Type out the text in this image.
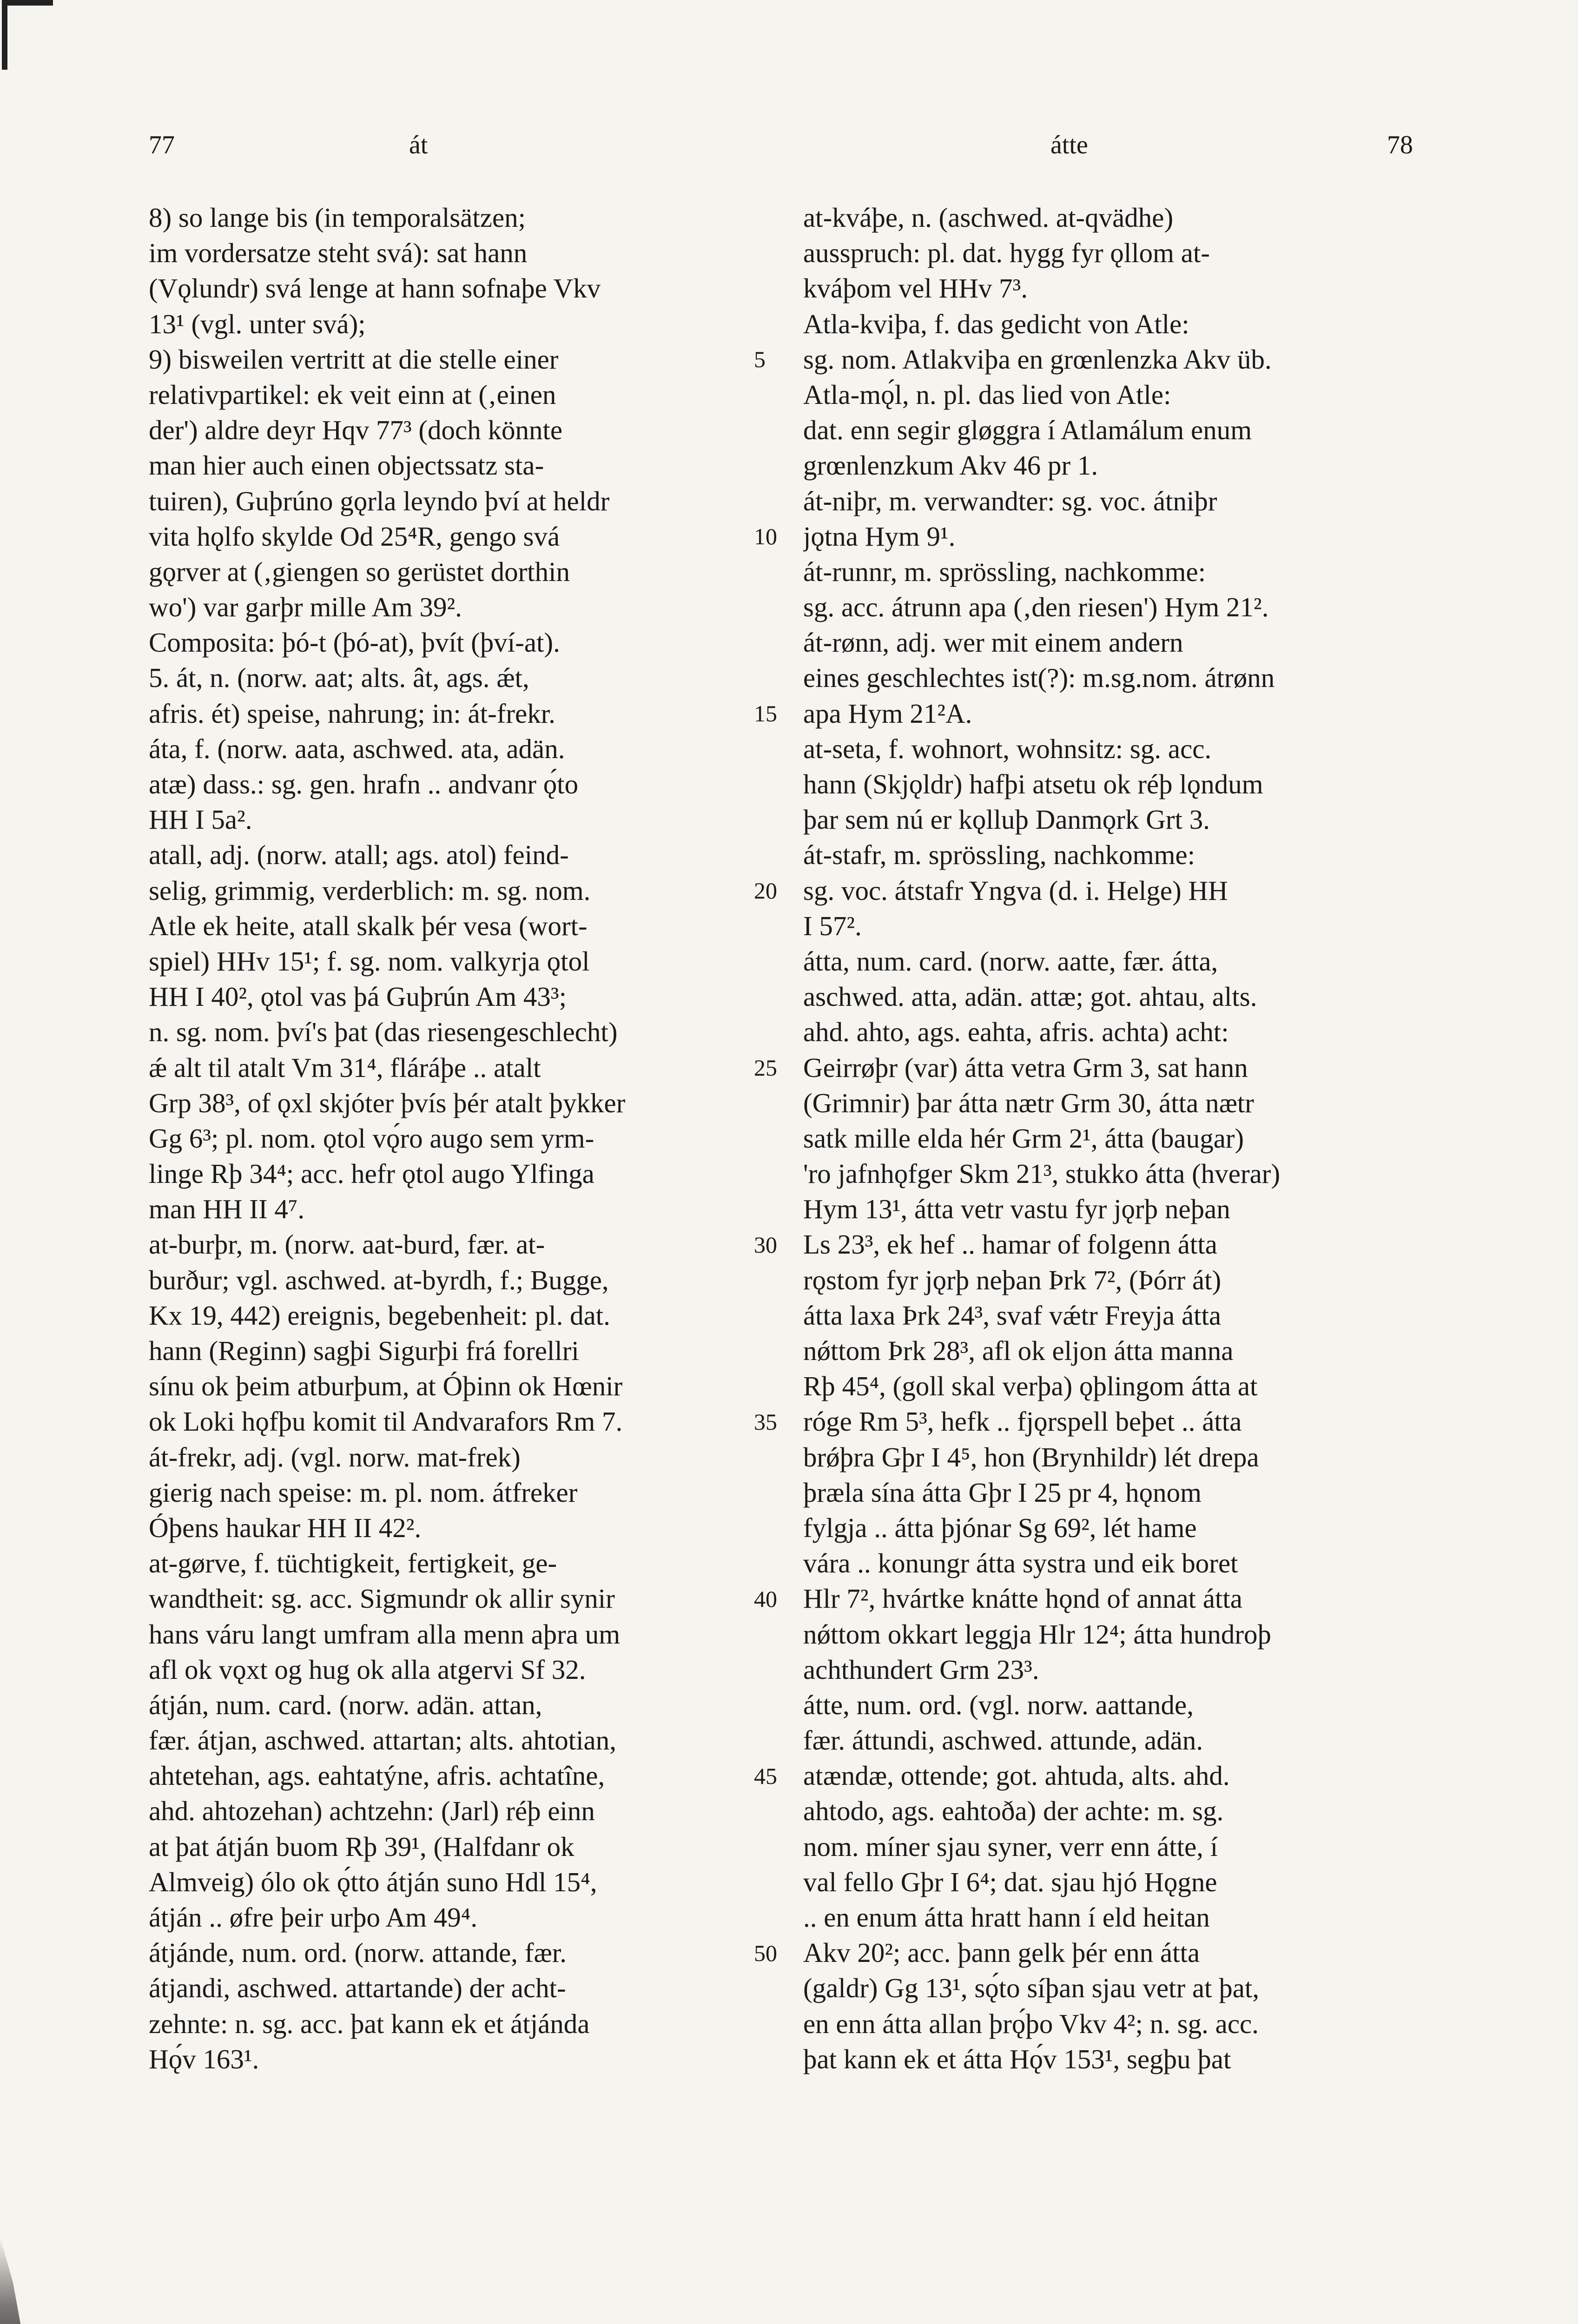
77	át	átte	78
8) so lange bis (in temporalsätzen;
im vordersatze steht svá): sat hann
(Vǫlundr) svá lenge at hann sofnaþe Vkv
13¹ (vgl. unter svá);
9) bisweilen vertritt at die stelle einer
relativpartikel: ek veit einn at (‚einen
der') aldre deyr Hqv 77³ (doch könnte
man hier auch einen objectssatz sta-
tuiren), Guþrúno gǫrla leyndo því at heldr
vita hǫlfo skylde Od 25⁴R, gengo svá
gǫrver at (‚giengen so gerüstet dorthin
wo') var garþr mille Am 39².
Composita: þó-t (þó-at), þvít (því-at).
5. át, n. (norw. aat; alts. ât, ags. ǽt,
afris. ét) speise, nahrung; in: át-frekr.
áta, f. (norw. aata, aschwed. ata, adän.
atæ) dass.: sg. gen. hrafn .. andvanr ǫ́to
HH I 5a².
atall, adj. (norw. atall; ags. atol) feind-
selig, grimmig, verderblich: m. sg. nom.
Atle ek heite, atall skalk þér vesa (wort-
spiel) HHv 15¹; f. sg. nom. valkyrja ǫtol
HH I 40², ǫtol vas þá Guþrún Am 43³;
n. sg. nom. því's þat (das riesengeschlecht)
ǽ alt til atalt Vm 31⁴, fláráþe .. atalt
Grp 38³, of ǫxl skjóter þvís þér atalt þykker
Gg 6³; pl. nom. ǫtol vǫ́ro augo sem yrm-
linge Rþ 34⁴; acc. hefr ǫtol augo Ylfinga
man HH II 4⁷.
at-burþr, m. (norw. aat-burd, fær. at-
burður; vgl. aschwed. at-byrdh, f.; Bugge,
Kx 19, 442) ereignis, begebenheit: pl. dat.
hann (Reginn) sagþi Sigurþi frá forellri
sínu ok þeim atburþum, at Óþinn ok Hœnir
ok Loki hǫfþu komit til Andvarafors Rm 7.
át-frekr, adj. (vgl. norw. mat-frek)
gierig nach speise: m. pl. nom. átfreker
Óþens haukar HH II 42².
at-gørve, f. tüchtigkeit, fertigkeit, ge-
wandtheit: sg. acc. Sigmundr ok allir synir
hans váru langt umfram alla menn aþra um
afl ok vǫxt og hug ok alla atgervi Sf 32.
átján, num. card. (norw. adän. attan,
fær. átjan, aschwed. attartan; alts. ahtotian,
ahtetehan, ags. eahtatýne, afris. achtatîne,
ahd. ahtozehan) achtzehn: (Jarl) réþ einn
at þat átján buom Rþ 39¹, (Halfdanr ok
Almveig) ólo ok ǫ́tto átján suno Hdl 15⁴,
átján .. øfre þeir urþo Am 49⁴.
átjánde, num. ord. (norw. attande, fær.
átjandi, aschwed. attartande) der acht-
zehnte: n. sg. acc. þat kann ek et átjánda
Hǫ́v 163¹.
5
10
15
20
25
30
35
40
45
50
at-kváþe, n. (aschwed. at-qvädhe)
ausspruch: pl. dat. hygg fyr ǫllom at-
kváþom vel HHv 7³.
Atla-kviþa, f. das gedicht von Atle:
sg. nom. Atlakviþa en grœnlenzka Akv üb.
Atla-mǫ́l, n. pl. das lied von Atle:
dat. enn segir gløggra í Atlamálum enum
grœnlenzkum Akv 46 pr 1.
át-niþr, m. verwandter: sg. voc. átniþr
jǫtna Hym 9¹.
át-runnr, m. sprössling, nachkomme:
sg. acc. átrunn apa (‚den riesen') Hym 21².
át-rønn, adj. wer mit einem andern
eines geschlechtes ist(?): m.sg.nom. átrønn
apa Hym 21²A.
at-seta, f. wohnort, wohnsitz: sg. acc.
hann (Skjǫldr) hafþi atsetu ok réþ lǫndum
þar sem nú er kǫlluþ Danmǫrk Grt 3.
át-stafr, m. sprössling, nachkomme:
sg. voc. átstafr Yngva (d. i. Helge) HH
I 57².
átta, num. card. (norw. aatte, fær. átta,
aschwed. atta, adän. attæ; got. ahtau, alts.
ahd. ahto, ags. eahta, afris. achta) acht:
Geirrøþr (var) átta vetra Grm 3, sat hann
(Grimnir) þar átta nætr Grm 30, átta nætr
satk mille elda hér Grm 2¹, átta (baugar)
'ro jafnhǫfger Skm 21³, stukko átta (hverar)
Hym 13¹, átta vetr vastu fyr jǫrþ neþan
Ls 23³, ek hef .. hamar of folgenn átta
rǫstom fyr jǫrþ neþan Þrk 7², (Þórr át)
átta laxa Þrk 24³, svaf vǽtr Freyja átta
nǿttom Þrk 28³, afl ok eljon átta manna
Rþ 45⁴, (goll skal verþa) ǫþlingom átta at
róge Rm 5³, hefk .. fjǫrspell beþet .. átta
brǿþra Gþr I 4⁵, hon (Brynhildr) lét drepa
þræla sína átta Gþr I 25 pr 4, hǫnom
fylgja .. átta þjónar Sg 69², lét hame
vára .. konungr átta systra und eik boret
Hlr 7², hvártke knátte hǫnd of annat átta
nǿttom okkart leggja Hlr 12⁴; átta hundroþ
achthundert Grm 23³.
átte, num. ord. (vgl. norw. aattande,
fær. áttundi, aschwed. attunde, adän.
atændæ, ottende; got. ahtuda, alts. ahd.
ahtodo, ags. eahtoða) der achte: m. sg.
nom. míner sjau syner, verr enn átte, í
val fello Gþr I 6⁴; dat. sjau hjó Hǫgne
.. en enum átta hratt hann í eld heitan
Akv 20²; acc. þann gelk þér enn átta
(galdr) Gg 13¹, sǫ́to síþan sjau vetr at þat,
en enn átta allan þrǫ́þo Vkv 4²; n. sg. acc.
þat kann ek et átta Hǫ́v 153¹, segþu þat
